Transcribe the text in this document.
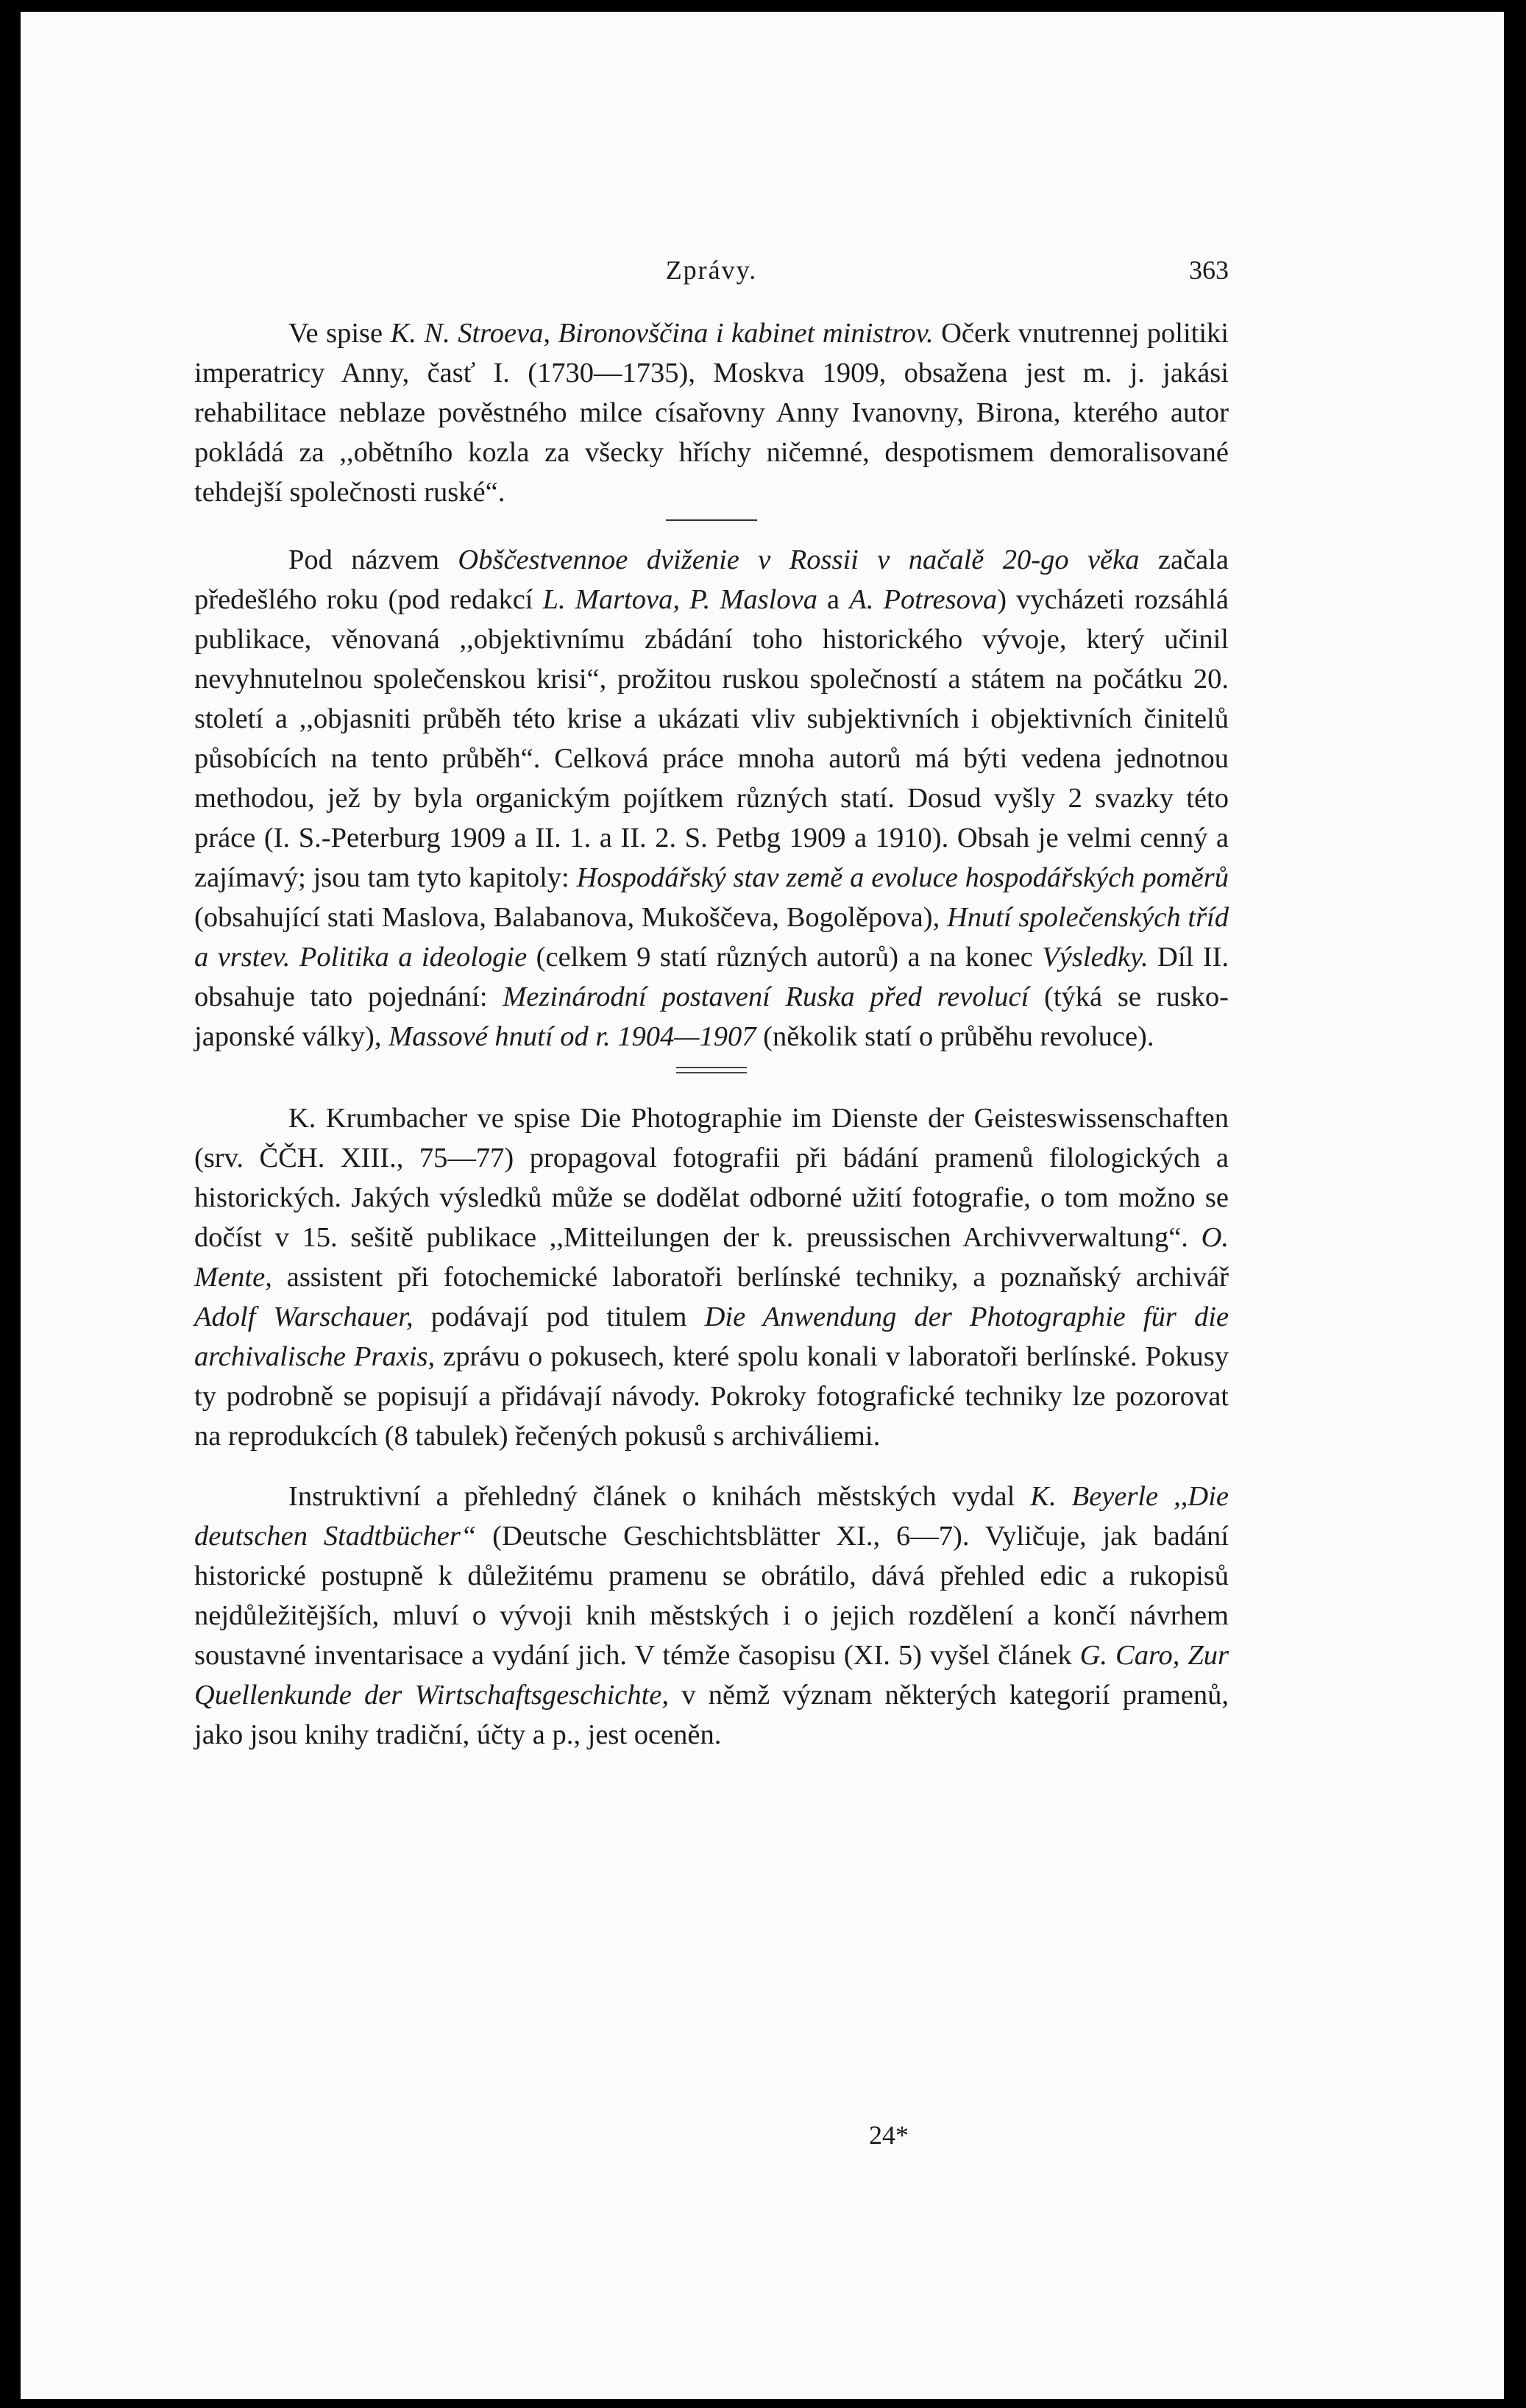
Zprávy.	363

Ve spise K. N. Stroeva, Bironovščina i kabinet ministrov. Očerk vnutrennej politiki imperatricy Anny, časť I. (1730—1735), Moskva 1909, obsažena jest m. j. jakási rehabilitace neblaze pověstného milce císařovny Anny Ivanovny, Birona, kterého autor pokládá za ,,obětního kozla za všecky hříchy ničemné, despotismem demoralisované tehdejší společnosti ruské“.

Pod názvem Obščestvennoe dviženie v Rossii v načalě 20-go věka začala předešlého roku (pod redakcí L. Martova, P. Maslova a A. Potresova) vycházeti rozsáhlá publikace, věnovaná ,,objektivnímu zbádání toho historického vývoje, který učinil nevyhnutelnou společenskou krisi“, prožitou ruskou společností a státem na počátku 20. století a ,,objasniti průběh této krise a ukázati vliv subjektivních i objektivních činitelů působících na tento průběh“. Celková práce mnoha autorů má býti vedena jednotnou methodou, jež by byla organickým pojítkem různých statí. Dosud vyšly 2 svazky této práce (I. S.-Peterburg 1909 a II. 1. a II. 2. S. Petbg 1909 a 1910). Obsah je velmi cenný a zajímavý; jsou tam tyto kapitoly: Hospodářský stav země a evoluce hospodářských poměrů (obsahující stati Maslova, Balabanova, Mukoščeva, Bogolěpova), Hnutí společenských tříd a vrstev. Politika a ideologie (celkem 9 statí různých autorů) a na konec Výsledky. Díl II. obsahuje tato pojednání: Mezinárodní postavení Ruska před revolucí (týká se rusko-japonské války), Massové hnutí od r. 1904—1907 (několik statí o průběhu revoluce).

K. Krumbacher ve spise Die Photographie im Dienste der Geisteswissenschaften (srv. ČČH. XIII., 75—77) propagoval fotografii při bádání pramenů filologických a historických. Jakých výsledků může se dodělat odborné užití fotografie, o tom možno se dočíst v 15. sešitě publikace ,,Mitteilungen der k. preussischen Archivverwaltung“. O. Mente, assistent při fotochemické laboratoři berlínské techniky, a poznaňský archivář Adolf Warschauer, podávají pod titulem Die Anwendung der Photographie für die archivalische Praxis, zprávu o pokusech, které spolu konali v laboratoři berlínské. Pokusy ty podrobně se popisují a přidávají návody. Pokroky fotografické techniky lze pozorovat na reprodukcích (8 tabulek) řečených pokusů s archiváliemi.

Instruktivní a přehledný článek o knihách městských vydal K. Beyerle ,,Die deutschen Stadtbücher“ (Deutsche Geschichtsblätter XI., 6—7). Vyličuje, jak badání historické postupně k důležitému pramenu se obrátilo, dává přehled edic a rukopisů nejdůležitějších, mluví o vývoji knih městských i o jejich rozdělení a končí návrhem soustavné inventarisace a vydání jich. V témže časopisu (XI. 5) vyšel článek G. Caro, Zur Quellenkunde der Wirtschaftsgeschichte, v němž význam některých kategorií pramenů, jako jsou knihy tradiční, účty a p., jest oceněn.

24*
